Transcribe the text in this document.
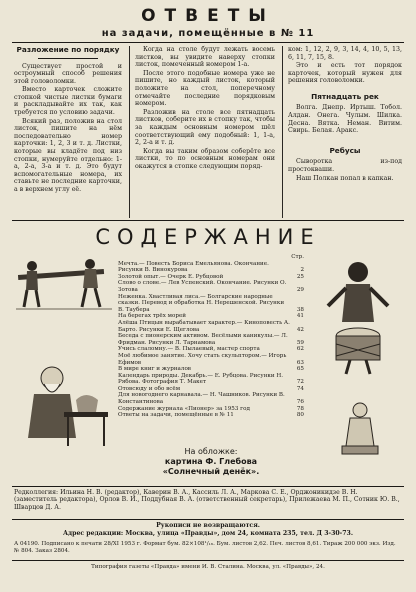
ОТВЕТЫ
на задачи, помещённые в № 11
Разложение по порядку

Существует простой и остроумный способ решения этой головоломки.

Вместо карточек сложите стопкой чистые листки бумаги и раскладывайте их так, как требуется по условию задачи.

Всякий раз, положив на стол листок, пишите на нём последовательно номер карточки: 1, 2, 3 и т. д. Листки, которые вы кладёте под низ стопки, нумеруйте отдельно: 1-а, 2-а, 3-а и т. д. Это будут вспомогательные номера, их ставьте не последние карточки, а в верхнем углу её.

Когда на столе будут лежать восемь листков, вы увидите наверху стопки листок, помеченный номером 1-а.

После этого подобные номера уже не пишите, но каждый листок, который положите на стол, поперечному отмечайте последние порядковым номером.

Разложив на столе все пятнадцать листков, соберите их в стопку так, чтобы за каждым основным номером шёл соответствующий ему подобный: 1, 1-а, 2, 2-а и т. д.

Когда вы таким образом соберёте все листки, то по основным номерам они окажутся в стопке следующим поряд-

ком: 1, 12, 2, 9, 3, 14, 4, 10, 5, 13, 6, 11, 7, 15, 8.

Это и есть тот порядок карточек, который нужен для решения головоломки.

Пятнадцать рек

Волга. Днепр. Иртыш. Тобол. Алдан. Онега. Чулым. Шилка. Десна. Вятка. Неман. Витим. Свирь. Белая. Аракс.

Ребусы

Сыворотка из-под простокваши.

Наш Полкан попал в капкан.

СОДЕРЖАНИЕ
Стр.
Мечта.— Повесть Бориса Емельянова. Окончание. Рисунки В. Винокурова	2
Золотой опыт.— Очерк Е. Рубцовой	25
Слово о слове.— Лев Успенский. Окончание. Рисунки О. Зотова	29
Неженка. Хвастливая лиса.— Болгарские народные сказки. Перевод и обработка Н. Нерешенской. Рисунки В. Таубера	38
На берегах трёх морей	41
Алёша Птицын вырабатывает характер.— Киноповесть А. Барто. Рисунки Е. Щеглова	42
Беседа с пионерским активом. Весёлыми каникулы.— Л. Фридман. Рисунки Л. Тарнамова	59
Учись слаломну.— В. Пылаевый, мастер спорта	62
Моё любимое занятие. Хочу стать скульптором.— Игорь Ефимов	63
В мире книг и журналов	65
Календарь природы. Декабрь.— Е. Рубцова. Рисунки Н. Рябова. Фотография Т. Макет	72
Отовсюду и обо всём	74
Для новогоднего карнавала.— Н. Чашников. Рисунки В. Константинова	76
Содержание журнала «Пионер» за 1953 год	78
Ответы на задачи, помещённые в № 11	80
На обложке:
картина Ф. Глебова
«Солнечный денёк».
Редколлегия: Ильина Н. В. (редактор), Каверин В. А., Кассиль Л. А., Маркова С. Е., Орджоникидзе В. Н. (заместитель редактора), Орлов В. И., Поддубная В. А. (ответственный секретарь), Прилежаева М. П., Сотник Ю. В., Шварцов Д. А.
Рукописи не возвращаются.
Адрес редакции: Москва, улица «Правды», дом 24, комната 235, тел. Д 3-30-73.
А 04190. Подписано к печати 28/XI 1953 г. Формат бум. 82×108¹/₁₆. Бум. листов 2,62. Печ. листов 8,61. Тираж 200 000 экз. Изд. № 804. Заказ 2804.
Типография газеты «Правда» имени И. В. Сталина. Москва, ул. «Правды», 24.
